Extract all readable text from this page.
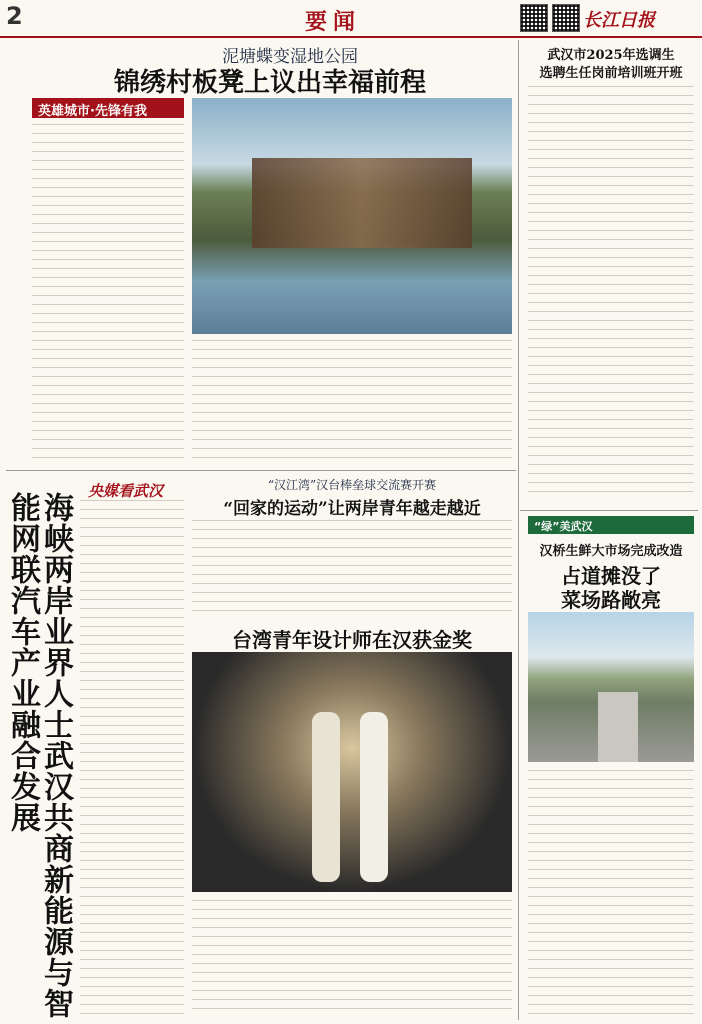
2	要闻	长江日报
泥塘蝶变湿地公园
锦绣村板凳上议出幸福前程
英雄城市·先锋有我
武汉市2025年选调生
选聘生任岗前培训班开班
“绿”美武汉
汉桥生鲜大市场完成改造
占道摊没了
菜场路敞亮
“汉江湾”汉台棒垒球交流赛开赛
“回家的运动”让两岸青年越走越近
央媒看武汉
海峡两岸业界人士武汉共商新能源与智能网联汽车产业融合发展	台湾青年设计师在汉获金奖
